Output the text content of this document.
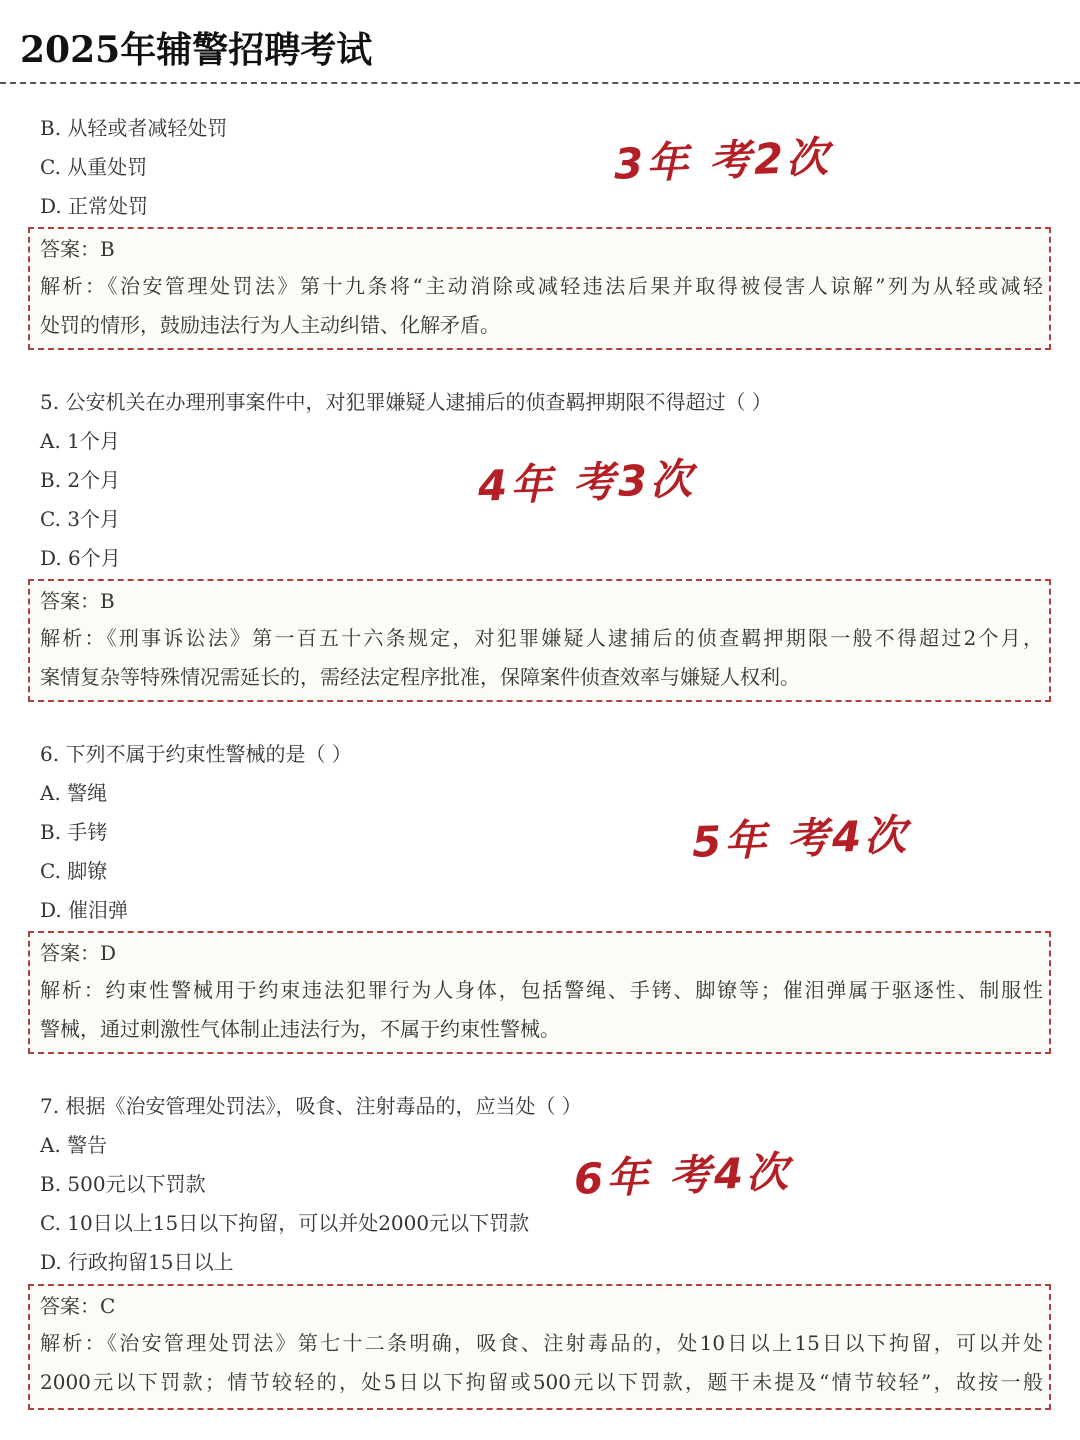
2025年辅警招聘考试
B. 从轻或者减轻处罚
C. 从重处罚
D. 正常处罚
答案：B
解析：《治安管理处罚法》第十九条将“主动消除或减轻违法后果并取得被侵害人谅解”列为从轻或减轻
处罚的情形，鼓励违法行为人主动纠错、化解矛盾。
3年 考2次
5. 公安机关在办理刑事案件中，对犯罪嫌疑人逮捕后的侦查羁押期限不得超过（ ）
A. 1个月
B. 2个月
C. 3个月
D. 6个月
答案：B
解析：《刑事诉讼法》第一百五十六条规定，对犯罪嫌疑人逮捕后的侦查羁押期限一般不得超过2个月，
案情复杂等特殊情况需延长的，需经法定程序批准，保障案件侦查效率与嫌疑人权利。
4年 考3次
6. 下列不属于约束性警械的是（ ）
A. 警绳
B. 手铐
C. 脚镣
D. 催泪弹
答案：D
解析：约束性警械用于约束违法犯罪行为人身体，包括警绳、手铐、脚镣等；催泪弹属于驱逐性、制服性
警械，通过刺激性气体制止违法行为，不属于约束性警械。
5年 考4次
7. 根据《治安管理处罚法》，吸食、注射毒品的，应当处（ ）
A. 警告
B. 500元以下罚款
C. 10日以上15日以下拘留，可以并处2000元以下罚款
D. 行政拘留15日以上
答案：C
解析：《治安管理处罚法》第七十二条明确，吸食、注射毒品的，处10日以上15日以下拘留，可以并处
2000元以下罚款；情节较轻的，处5日以下拘留或500元以下罚款，题干未提及“情节较轻”，故按一般
6年 考4次
